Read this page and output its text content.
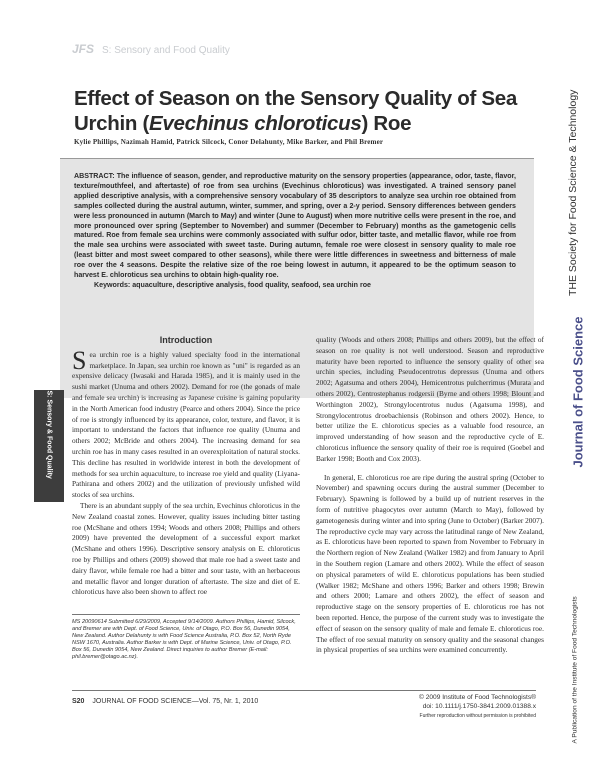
JFS S: Sensory and Food Quality
Effect of Season on the Sensory Quality of Sea Urchin (Evechinus chloroticus) Roe
Kylie Phillips, Nazimah Hamid, Patrick Silcock, Conor Delahunty, Mike Barker, and Phil Bremer

ABSTRACT: The influence of season, gender, and reproductive maturity on the sensory properties (appearance, odor, taste, flavor, texture/mouthfeel, and aftertaste) of roe from sea urchins (Evechinus chloroticus) was investigated. A trained sensory panel applied descriptive analysis, with a comprehensive sensory vocabulary of 35 descriptors to analyze sea urchin roe obtained from samples collected during the austral autumn, winter, summer, and spring, over a 2-y period. Sensory differences between genders were less pronounced in autumn (March to May) and winter (June to August) when more nutritive cells were present in the roe, and more pronounced over spring (September to November) and summer (December to February) months as the gametogenic cells matured. Roe from female sea urchins were commonly associated with sulfur odor, bitter taste, and metallic flavor, while roe from the male sea urchins were associated with sweet taste. During autumn, female roe were closest in sensory quality to male roe (least bitter and most sweet compared to other seasons), while there were little differences in sweetness and bitterness of male roe over the 4 seasons. Despite the relative size of the roe being lowest in autumn, it appeared to be the optimum season to harvest E. chloroticus sea urchins to obtain high-quality roe.

Keywords: aquaculture, descriptive analysis, food quality, seafood, sea urchin roe	THE Society for Food Science & Technology
Journal of Food Science
A Publication of the Institute of Food Technologists
S: Sensory & Food Quality
Introduction

Sea urchin roe is a highly valued specialty food in the international marketplace. In Japan, sea urchin roe known as "uni" is regarded as an expensive delicacy (Iwasaki and Harada 1985), and it is mainly used in the sushi market (Unuma and others 2002). Demand for roe (the gonads of male and female sea urchin) is increasing as Japanese cuisine is gaining popularity in the North American food industry (Pearce and others 2004). Since the price of roe is strongly influenced by its appearance, color, texture, and flavor, it is important to understand the factors that influence roe quality (Unuma and others 2002; McBride and others 2004). The increasing demand for sea urchin roe has in many cases resulted in an overexploitation of natural stocks. This decline has resulted in worldwide interest in both the development of methods for sea urchin aquaculture, to increase roe yield and quality (Liyana-Pathirana and others 2002) and the utilization of previously unfished wild stocks of sea urchins.

There is an abundant supply of the sea urchin, Evechinus chloroticus in the New Zealand coastal zones. However, quality issues including bitter tasting roe (McShane and others 1994; Woods and others 2008; Phillips and others 2009) have prevented the development of a successful export market (McShane and others 1996). Descriptive sensory analysis on E. chloroticus roe by Phillips and others (2009) showed that male roe had a sweet taste and dairy flavor, while female roe had a bitter and sour taste, with an herbaceous and metallic flavor and longer duration of aftertaste. The size and diet of E. chloroticus have also been shown to affect roe

quality (Woods and others 2008; Phillips and others 2009), but the effect of season on roe quality is not well understood. Season and reproductive maturity have been reported to influence the sensory quality of other sea urchin species, including Pseudocentrotus depressus (Unuma and others 2002; Agatsuma and others 2004), Hemicentrotus pulcherrimus (Murata and others 2002), Centrostephanus rodgersii (Byrne and others 1998; Blount and Worthington 2002), Strongylocentrotus nudus (Agatsuma 1998), and Strongylocentrotus droebachiensis (Robinson and others 2002). Hence, to better utilize the E. chloroticus species as a valuable food resource, an improved understanding of how season and the reproductive cycle of E. chloroticus influence the sensory quality of their roe is required (Goebel and Barker 1998; Booth and Cox 2003).

In general, E. chloroticus roe are ripe during the austral spring (October to November) and spawning occurs during the austral summer (December to February). Spawning is followed by a build up of nutrient reserves in the form of nutritive phagocytes over autumn (March to May), followed by gametogenesis during winter and into spring (June to October) (Barker 2007). The reproductive cycle may vary across the latitudinal range of New Zealand, as E. chloroticus have been reported to spawn from November to February in the Northern region of New Zealand (Walker 1982) and from January to April in the Southern region (Lamare and others 2002). While the effect of season on physical parameters of wild E. chloroticus populations has been studied (Walker 1982; McShane and others 1996; Barker and others 1998; Brewin and others 2000; Lamare and others 2002), the effect of season and reproductive stage on the sensory properties of E. chloroticus roe has not been reported. Hence, the purpose of the current study was to investigate the effect of season on the sensory quality of male and female E. chloroticus roe. The effect of roe sexual maturity on sensory quality and the seasonal changes in physical properties of sea urchins were examined concurrently.

MS 20090614 Submitted 6/29/2009, Accepted 9/14/2009. Authors Phillips, Hamid, Silcock, and Bremer are with Dept. of Food Science, Univ. of Otago, P.O. Box 56, Dunedin 9054, New Zealand. Author Delahunty is with Food Science Australia, P.O. Box 52, North Ryde NSW 1670, Australia. Author Barker is with Dept. of Marine Science, Univ. of Otago, P.O. Box 56, Dunedin 9054, New Zealand. Direct inquiries to author Bremer (E-mail: phil.bremer@otago.ac.nz).
S20 JOURNAL OF FOOD SCIENCE—Vol. 75, Nr. 1, 2010
© 2009 Institute of Food Technologists®
doi: 10.1111/j.1750-3841.2009.01388.x
Further reproduction without permission is prohibited
